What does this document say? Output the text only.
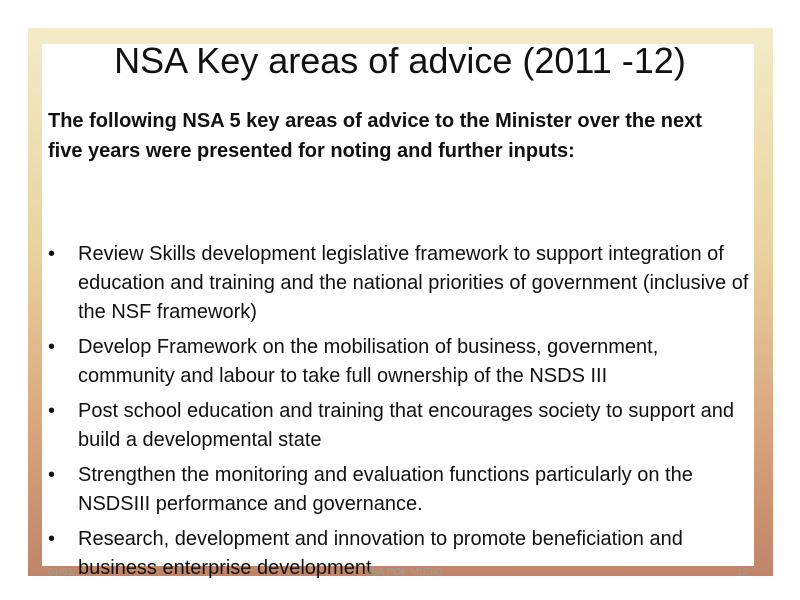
NSA Key areas of advice (2011 -12)

The following NSA 5 key areas of advice to the Minister over the next

five years were presented for noting and further inputs:

•	Review Skills development legislative framework to support integration of education and training and the national priorities of government (inclusive of the NSF framework)
•	Develop Framework on the mobilisation of business, government, community and labour to take full ownership of the NSDS III
•	Post school education and training that encourages society to support and build a developmental state
•	Strengthen the monitoring and evaluation functions particularly on the NSDSIII performance and governance.
•	Research, development and innovation to promote beneficiation and business enterprise development
01/01	NSA POP MUSIC	12
